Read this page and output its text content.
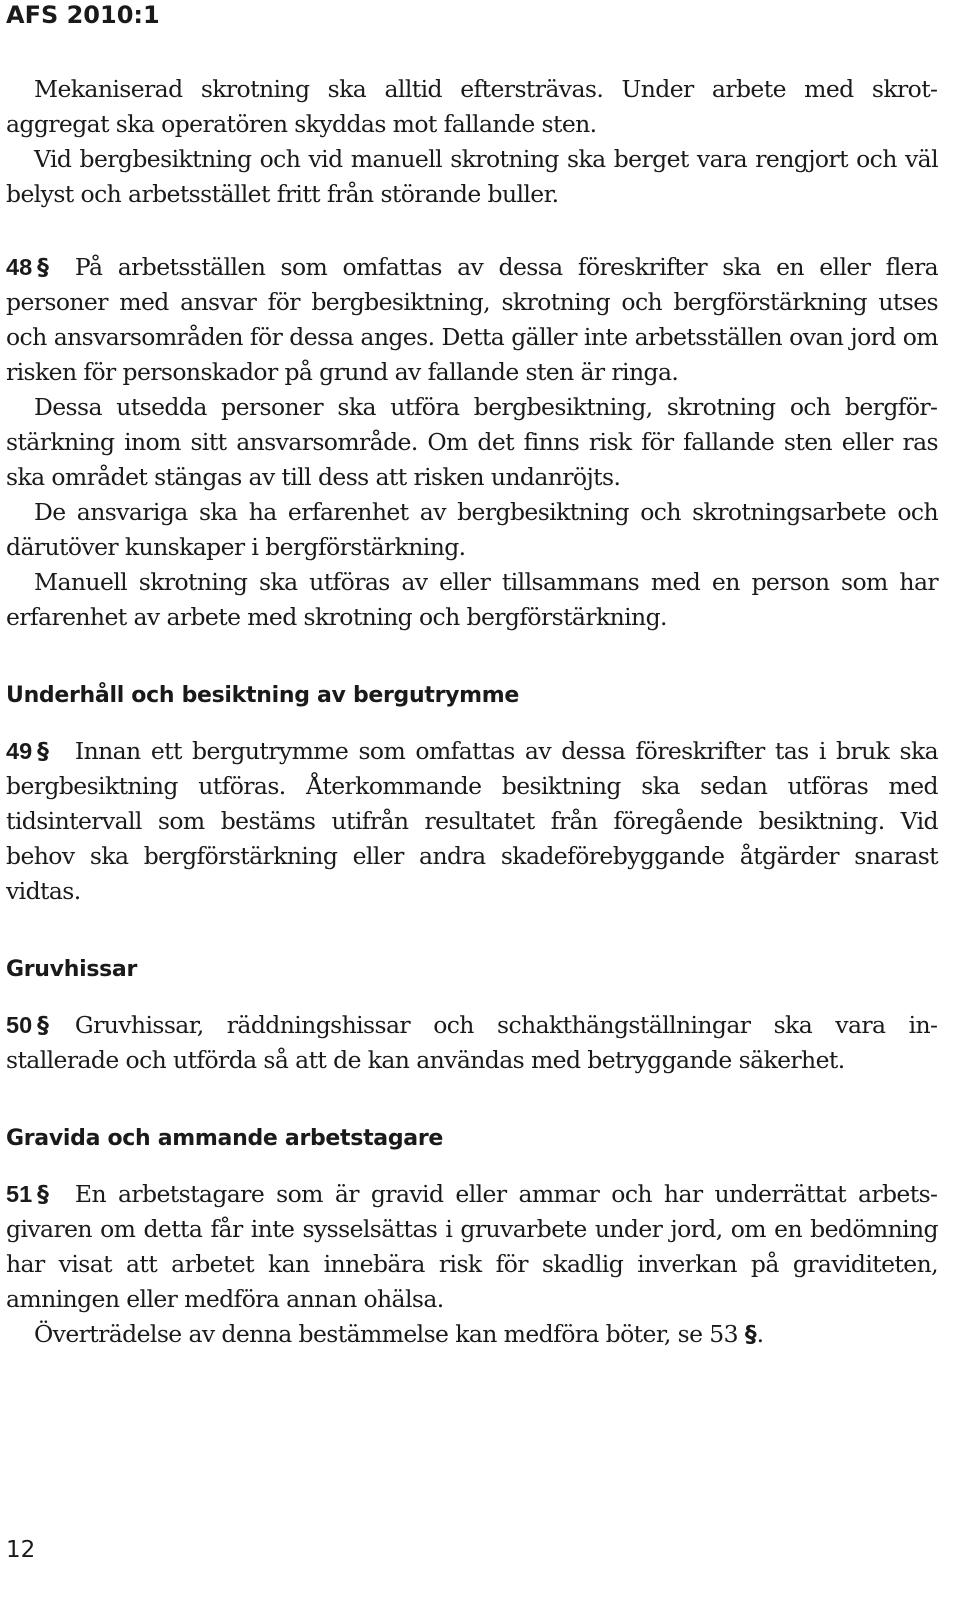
AFS 2010:1

Mekaniserad skrotning ska alltid eftersträvas. Under arbete med skrotaggregat ska operatören skyddas mot fallande sten.

Vid bergbesiktning och vid manuell skrotning ska berget vara rengjort och väl belyst och arbetsstället fritt från störande buller.

48 § På arbetsställen som omfattas av dessa föreskrifter ska en eller flera personer med ansvar för bergbesiktning, skrotning och bergförstärkning utses och ansvarsområden för dessa anges. Detta gäller inte arbetsställen ovan jord om risken för personskador på grund av fallande sten är ringa.

Dessa utsedda personer ska utföra bergbesiktning, skrotning och bergförstärkning inom sitt ansvarsområde. Om det finns risk för fallande sten eller ras ska området stängas av till dess att risken undanröjts.

De ansvariga ska ha erfarenhet av bergbesiktning och skrotningsarbete och därutöver kunskaper i bergförstärkning.

Manuell skrotning ska utföras av eller tillsammans med en person som har erfarenhet av arbete med skrotning och bergförstärkning.

Underhåll och besiktning av bergutrymme

49 § Innan ett bergutrymme som omfattas av dessa föreskrifter tas i bruk ska bergbesiktning utföras. Återkommande besiktning ska sedan utföras med tidsintervall som bestäms utifrån resultatet från föregående besiktning. Vid behov ska bergförstärkning eller andra skadeförebyggande åtgärder snarast vidtas.

Gruvhissar

50 § Gruvhissar, räddningshissar och schakthängställningar ska vara installerade och utförda så att de kan användas med betryggande säkerhet.

Gravida och ammande arbetstagare

51 § En arbetstagare som är gravid eller ammar och har underrättat arbetsgivaren om detta får inte sysselsättas i gruvarbete under jord, om en bedömning har visat att arbetet kan innebära risk för skadlig inverkan på graviditeten, amningen eller medföra annan ohälsa.

Överträdelse av denna bestämmelse kan medföra böter, se 53 §.

12
